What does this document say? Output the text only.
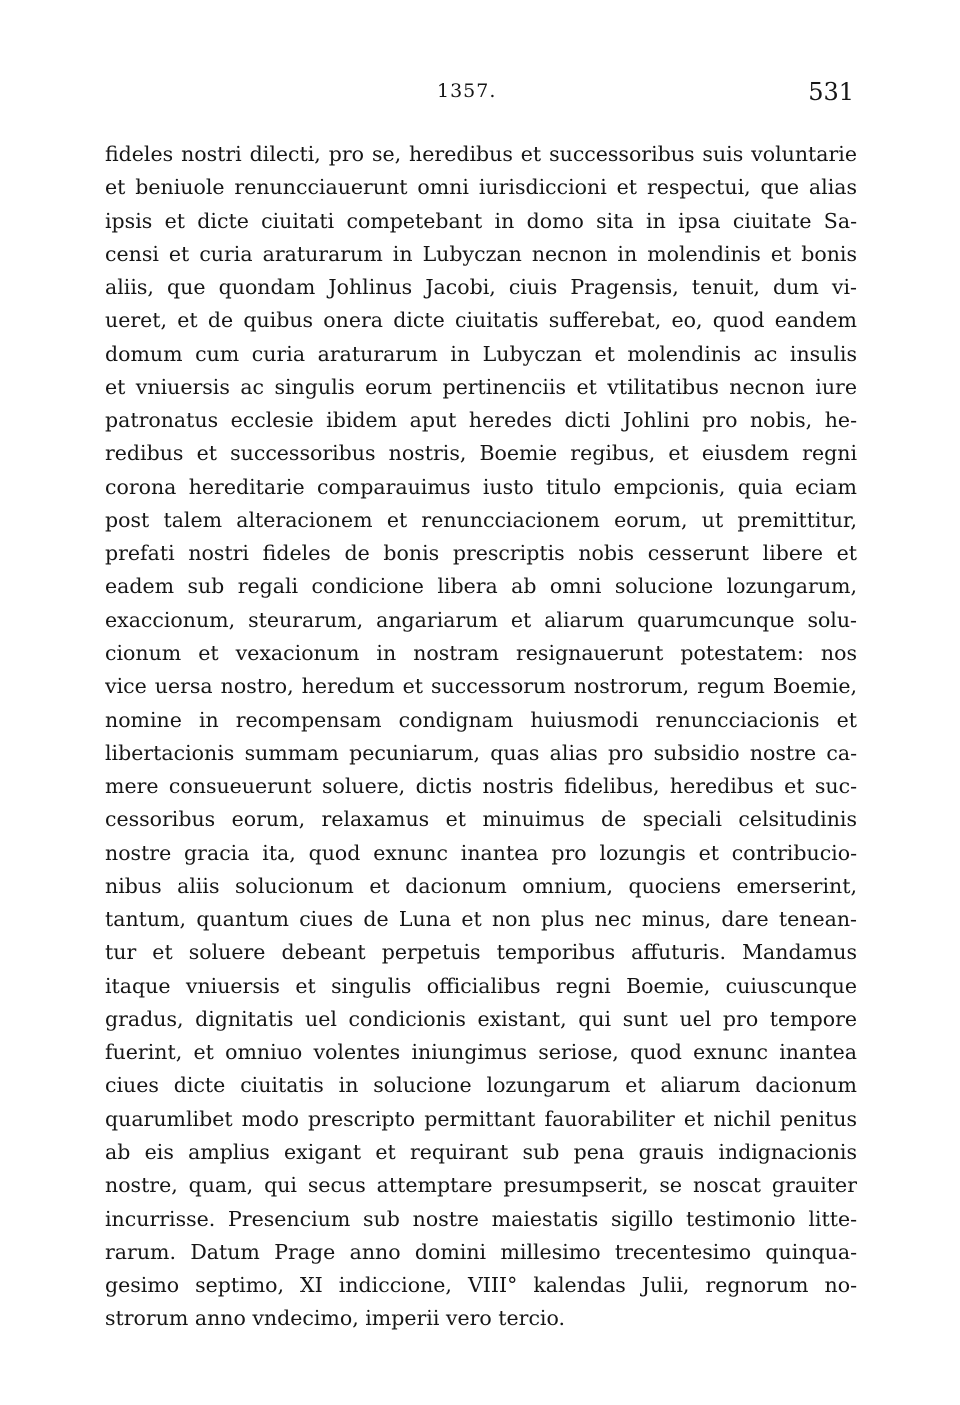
1357.	531
fideles nostri dilecti, pro se, heredibus et successoribus suis voluntarie
et beniuole renuncciauerunt omni iurisdiccioni et respectui, que alias
ipsis et dicte ciuitati competebant in domo sita in ipsa ciuitate Sa-
censi et curia araturarum in Lubyczan necnon in molendinis et bonis
aliis, que quondam Johlinus Jacobi, ciuis Pragensis, tenuit, dum vi-
ueret, et de quibus onera dicte ciuitatis sufferebat, eo, quod eandem
domum cum curia araturarum in Lubyczan et molendinis ac insulis
et vniuersis ac singulis eorum pertinenciis et vtilitatibus necnon iure
patronatus ecclesie ibidem aput heredes dicti Johlini pro nobis, he-
redibus et successoribus nostris, Boemie regibus, et eiusdem regni
corona hereditarie comparauimus iusto titulo empcionis, quia eciam
post talem alteracionem et renuncciacionem eorum, ut premittitur,
prefati nostri fideles de bonis prescriptis nobis cesserunt libere et
eadem sub regali condicione libera ab omni solucione lozungarum,
exaccionum, steurarum, angariarum et aliarum quarumcunque solu-
cionum et vexacionum in nostram resignauerunt potestatem: nos
vice uersa nostro, heredum et successorum nostrorum, regum Boemie,
nomine in recompensam condignam huiusmodi renuncciacionis et
libertacionis summam pecuniarum, quas alias pro subsidio nostre ca-
mere consueuerunt soluere, dictis nostris fidelibus, heredibus et suc-
cessoribus eorum, relaxamus et minuimus de speciali celsitudinis
nostre gracia ita, quod exnunc inantea pro lozungis et contribucio-
nibus aliis solucionum et dacionum omnium, quociens emerserint,
tantum, quantum ciues de Luna et non plus nec minus, dare tenean-
tur et soluere debeant perpetuis temporibus affuturis. Mandamus
itaque vniuersis et singulis officialibus regni Boemie, cuiuscunque
gradus, dignitatis uel condicionis existant, qui sunt uel pro tempore
fuerint, et omniuo volentes iniungimus seriose, quod exnunc inantea
ciues dicte ciuitatis in solucione lozungarum et aliarum dacionum
quarumlibet modo prescripto permittant fauorabiliter et nichil penitus
ab eis amplius exigant et requirant sub pena grauis indignacionis
nostre, quam, qui secus attemptare presumpserit, se noscat grauiter
incurrisse. Presencium sub nostre maiestatis sigillo testimonio litte-
rarum. Datum Prage anno domini millesimo trecentesimo quinqua-
gesimo septimo, XI indiccione, VIII° kalendas Julii, regnorum no-
strorum anno vndecimo, imperii vero tercio.
